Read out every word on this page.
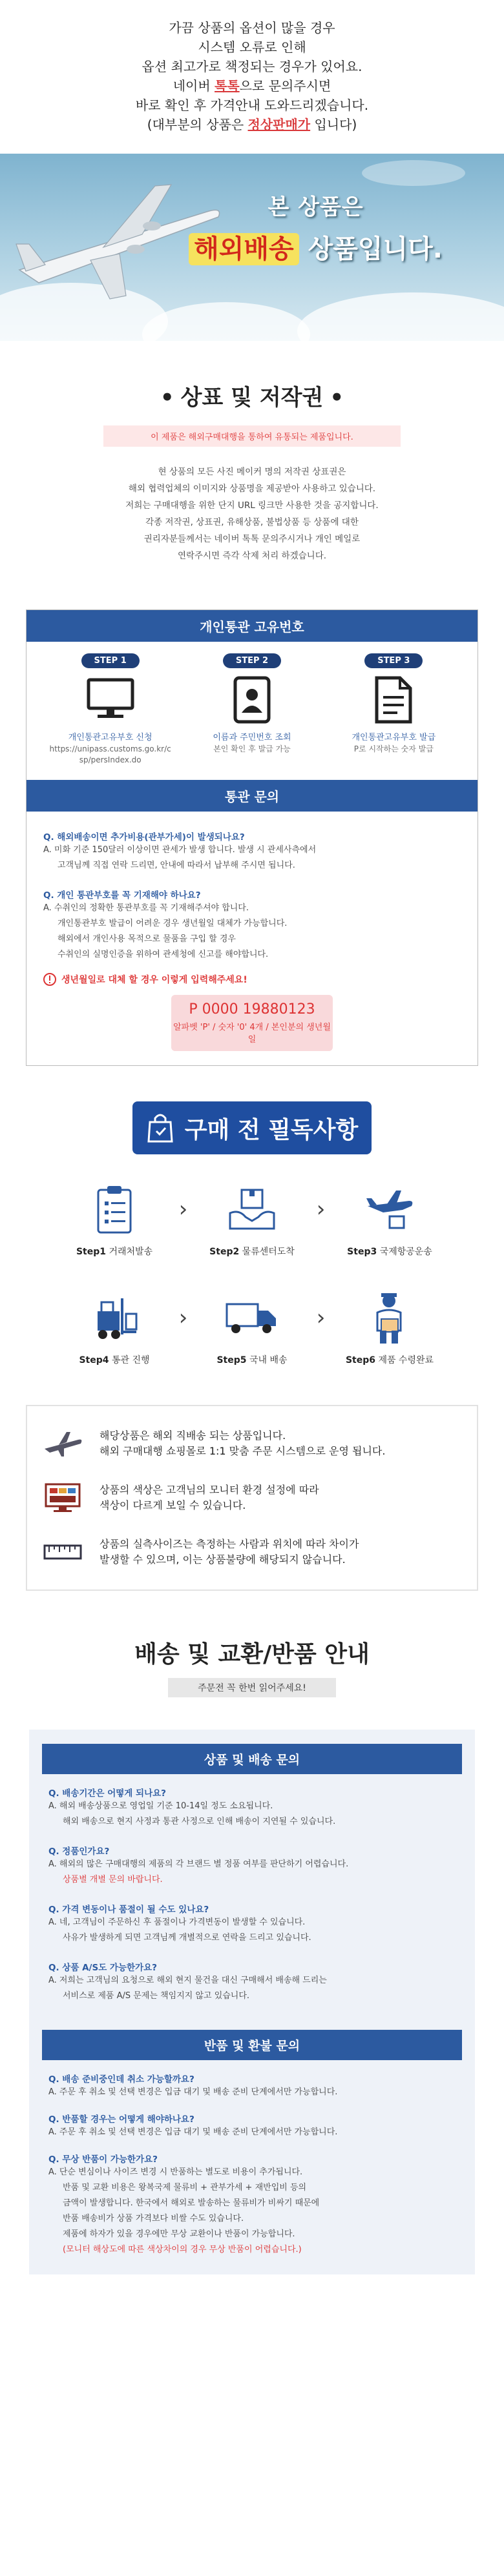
가끔 상품의 옵션이 많을 경우
시스템 오류로 인해
옵션 최고가로 책정되는 경우가 있어요.
네이버 톡톡으로 문의주시면
바로 확인 후 가격안내 도와드리겠습니다.
(대부분의 상품은 정상판매가 입니다)
본 상품은
해외배송 상품입니다.
• 상표 및 저작권 •
이 제품은 해외구매대행을 통하여 유통되는 제품입니다.
현 상품의 모든 사진 메이커 명의 저작권 상표권은
해외 협력업체의 이미지와 상품명을 제공받아 사용하고 있습니다.
저희는 구매대행을 위한 단지 URL 링크만 사용한 것을 공지합니다.
각종 저작권, 상표권, 유해상품, 불법상품 등 상품에 대한
권리자분들께서는 네이버 톡톡 문의주시거나 개인 메일로
연락주시면 즉각 삭제 처리 하겠습니다.
개인통관 고유번호
STEP 1
개인통관고유부호 신청
https://unipass.customs.go.kr/csp/persIndex.do
STEP 2
이름과 주민번호 조회
본인 확인 후 발급 가능
STEP 3
개인통관고유부호 발급
P로 시작하는 숫자 발급
통관 문의
Q. 해외배송이면 추가비용(관부가세)이 발생되나요?
A. 미화 기준 150달러 이상이면 관세가 발생 합니다. 발생 시 관세사측에서
고객님께 직접 연락 드리면, 안내에 따라서 납부해 주시면 됩니다.
Q. 개인 통관부호를 꼭 기재해야 하나요?
A. 수취인의 정확한 통관부호를 꼭 기재해주셔야 합니다.
개인통관부호 발급이 어려운 경우 생년월일 대체가 가능합니다.
해외에서 개인사용 목적으로 물품을 구입 할 경우
수취인의 실명인증을 위하여 관세청에 신고를 해야합니다.
생년월일로 대체 할 경우 이렇게 입력해주세요!
P 0000 19880123
알파벳 'P' / 숫자 '0' 4개 / 본인분의 생년월일
구매 전 필독사항
Step1 거래처발송
›
Step2 물류센터도착
›
Step3 국제항공운송
Step4 통관 진행
›
Step5 국내 배송
›
Step6 제품 수령완료
해당상품은 해외 직배송 되는 상품입니다.
해외 구매대행 쇼핑몰로 1:1 맞춤 주문 시스템으로 운영 됩니다.
상품의 색상은 고객님의 모니터 환경 설정에 따라
색상이 다르게 보일 수 있습니다.
상품의 실측사이즈는 측정하는 사람과 위치에 따라 차이가
발생할 수 있으며, 이는 상품불량에 해당되지 않습니다.
배송 및 교환/반품 안내
주문전 꼭 한번 읽어주세요!
상품 및 배송 문의
Q. 배송기간은 어떻게 되나요?
A. 해외 배송상품으로 영업일 기준 10-14일 정도 소요됩니다.
해외 배송으로 현지 사정과 통관 사정으로 인해 배송이 지연될 수 있습니다.
Q. 정품인가요?
A. 해외의 많은 구매대행의 제품의 각 브랜드 별 정품 여부를 판단하기 어렵습니다.
상품별 개별 문의 바랍니다.
Q. 가격 변동이나 품절이 될 수도 있나요?
A. 네, 고객님이 주문하신 후 품절이나 가격변동이 발생할 수 있습니다.
사유가 발생하게 되면 고객님께 개별적으로 연락을 드리고 있습니다.
Q. 상품 A/S도 가능한가요?
A. 저희는 고객님의 요청으로 해외 현지 물건을 대신 구매해서 배송해 드리는
서비스로 제품 A/S 문제는 책임지지 않고 있습니다.
반품 및 환불 문의
Q. 배송 준비중인데 취소 가능할까요?
A. 주문 후 취소 및 선택 변경은 입금 대기 및 배송 준비 단계에서만 가능합니다.
Q. 반품할 경우는 어떻게 해야하나요?
A. 주문 후 취소 및 선택 변경은 입금 대기 및 배송 준비 단계에서만 가능합니다.
Q. 무상 반품이 가능한가요?
A. 단순 변심이나 사이즈 변경 시 반품하는 별도로 비용이 추가됩니다.
반품 및 교환 비용은 왕복국제 물류비 + 관부가세 + 재반입비 등의
금액이 발생합니다. 한국에서 해외로 발송하는 물류비가 비싸기 때문에
반품 배송비가 상품 가격보다 비쌀 수도 있습니다.
제품에 하자가 있을 경우에만 무상 교환이나 반품이 가능합니다.
(모니터 해상도에 따른 색상차이의 경우 무상 반품이 어렵습니다.)
